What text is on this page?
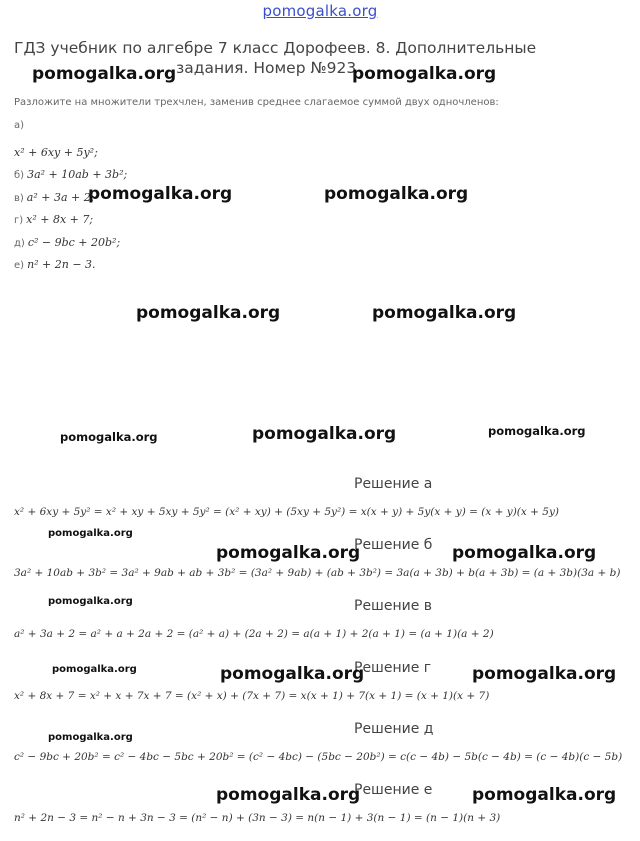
pomogalka.org
ГДЗ учебник по алгебре 7 класс Дорофеев. 8. Дополнительные
задания. Номер №923
Разложите на множители трехчлен, заменив среднее слагаемое суммой двух одночленов:
а)
x² + 6xy + 5y²;
б) 3a² + 10ab + 3b²;
в) a² + 3a + 2;
г) x² + 8x + 7;
д) c² − 9bc + 20b²;
е) n² + 2n − 3.
Решение а
x² + 6xy + 5y² = x² + xy + 5xy + 5y² = (x² + xy) + (5xy + 5y²) = x(x + y) + 5y(x + y) = (x + y)(x + 5y)
Решение б
3a² + 10ab + 3b² = 3a² + 9ab + ab + 3b² = (3a² + 9ab) + (ab + 3b²) = 3a(a + 3b) + b(a + 3b) = (a + 3b)(3a + b)
Решение в
a² + 3a + 2 = a² + a + 2a + 2 = (a² + a) + (2a + 2) = a(a + 1) + 2(a + 1) = (a + 1)(a + 2)
Решение г
x² + 8x + 7 = x² + x + 7x + 7 = (x² + x) + (7x + 7) = x(x + 1) + 7(x + 1) = (x + 1)(x + 7)
Решение д
c² − 9bc + 20b² = c² − 4bc − 5bc + 20b² = (c² − 4bc) − (5bc − 20b²) = c(c − 4b) − 5b(c − 4b) = (c − 4b)(c − 5b)
Решение е
n² + 2n − 3 = n² − n + 3n − 3 = (n² − n) + (3n − 3) = n(n − 1) + 3(n − 1) = (n − 1)(n + 3)
pomogalka.org	pomogalka.org
pomogalka.org	pomogalka.org
pomogalka.org	pomogalka.org
pomogalka.org	pomogalka.org	pomogalka.org
pomogalka.org
pomogalka.org	pomogalka.org
pomogalka.org
pomogalka.org	pomogalka.org	pomogalka.org
pomogalka.org
pomogalka.org	pomogalka.org
